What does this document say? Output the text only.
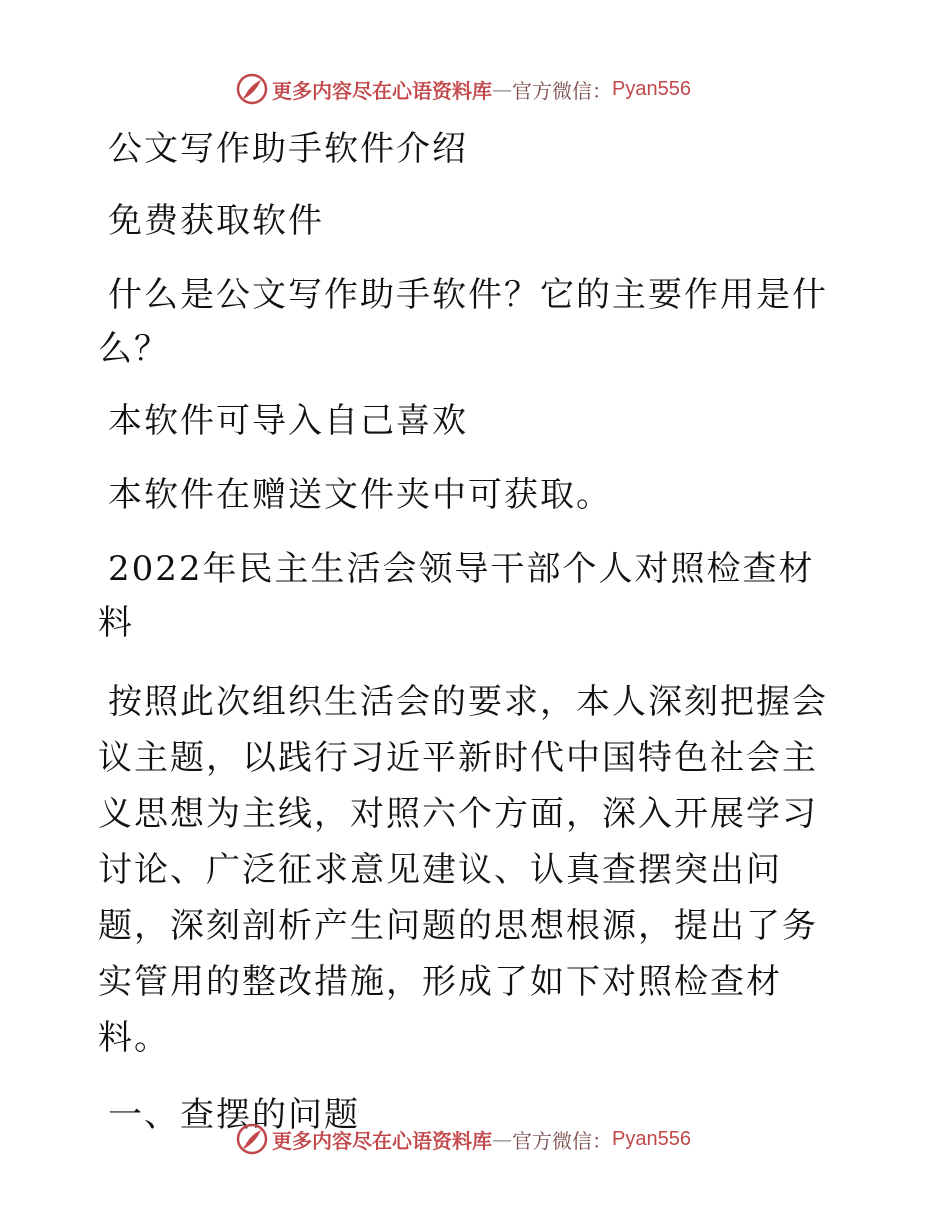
更多内容尽在心语资料库 — 官方微信： Pyan556

公文写作助手软件介绍

免费获取软件

什么是公文写作助手软件？它的主要作用是什么？

本软件可导入自己喜欢

本软件在赠送文件夹中可获取。

2022年民主生活会领导干部个人对照检查材料

按照此次组织生活会的要求，本人深刻把握会议主题，以践行习近平新时代中国特色社会主义思想为主线，对照六个方面，深入开展学习讨论、广泛征求意见建议、认真查摆突出问题，深刻剖析产生问题的思想根源，提出了务实管用的整改措施，形成了如下对照检查材料。

一、查摆的问题

更多内容尽在心语资料库 — 官方微信： Pyan556
